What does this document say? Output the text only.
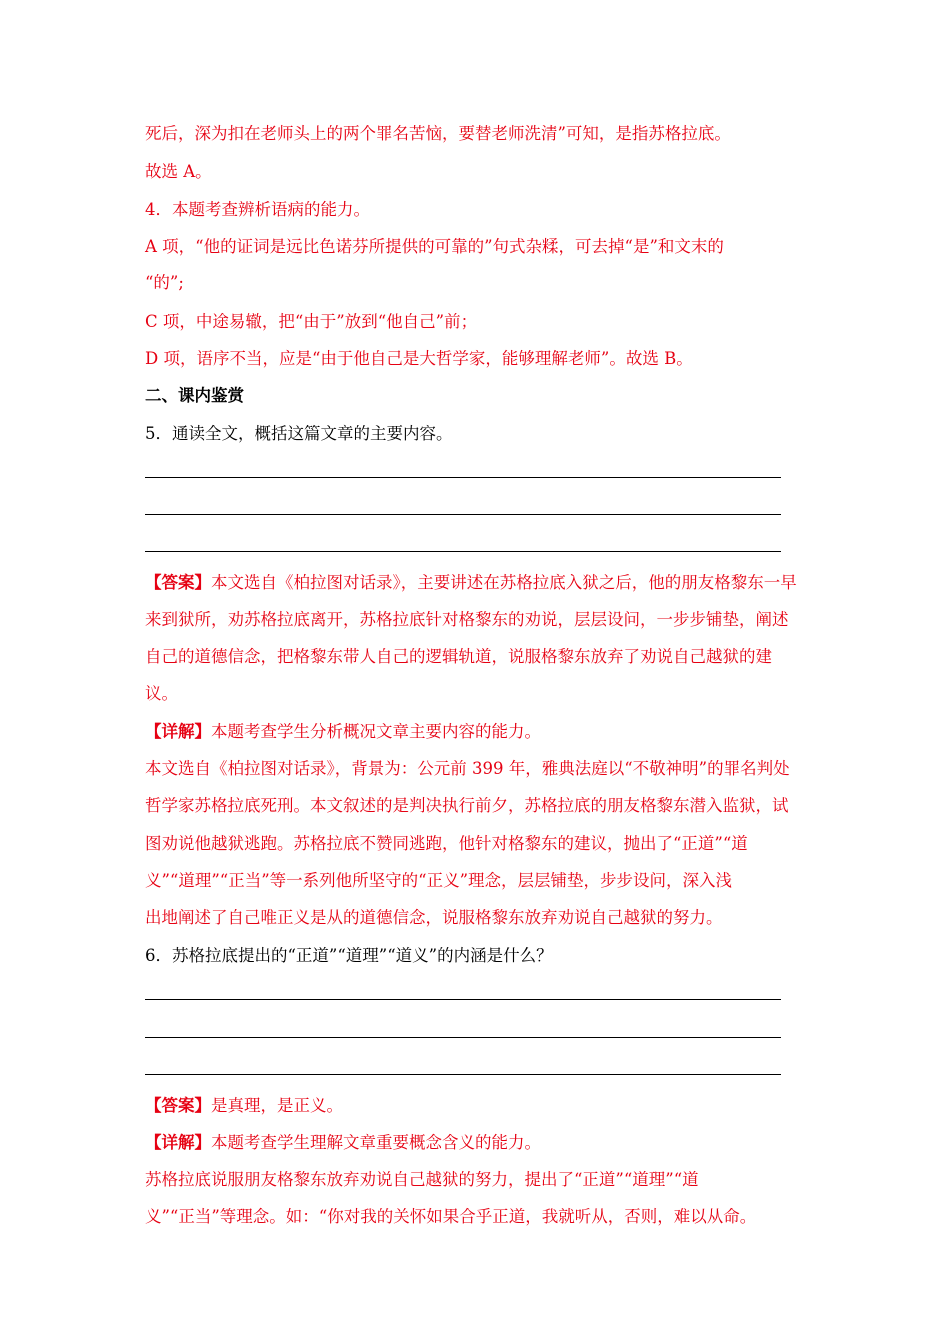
死后，深为扣在老师头上的两个罪名苦恼，要替老师洗清”可知，是指苏格拉底。
故选 A。
4．本题考查辨析语病的能力。
A 项，“他的证词是远比色诺芬所提供的可靠的”句式杂糅，可去掉“是”和文末的
“的”;
C 项，中途易辙，把“由于”放到“他自己”前；
D 项，语序不当，应是“由于他自己是大哲学家，能够理解老师”。故选 B。
二、课内鉴赏
5．通读全文，概括这篇文章的主要内容。
【答案】本文选自《柏拉图对话录》，主要讲述在苏格拉底入狱之后，他的朋友格黎东一早
来到狱所，劝苏格拉底离开，苏格拉底针对格黎东的劝说，层层设问，一步步铺垫，阐述
自己的道德信念，把格黎东带人自己的逻辑轨道，说服格黎东放弃了劝说自己越狱的建
议。
【详解】本题考查学生分析概况文章主要内容的能力。
本文选自《柏拉图对话录》，背景为：公元前 399 年，雅典法庭以“不敬神明”的罪名判处
哲学家苏格拉底死刑。本文叙述的是判决执行前夕，苏格拉底的朋友格黎东潜入监狱，试
图劝说他越狱逃跑。苏格拉底不赞同逃跑，他针对格黎东的建议，抛出了“正道”“道
义”“道理”“正当”等一系列他所坚守的“正义”理念，层层铺垫，步步设问，深入浅
出地阐述了自己唯正义是从的道德信念，说服格黎东放弃劝说自己越狱的努力。
6．苏格拉底提出的“正道”“道理”“道义”的内涵是什么？
【答案】是真理，是正义。
【详解】本题考查学生理解文章重要概念含义的能力。
苏格拉底说服朋友格黎东放弃劝说自己越狱的努力，提出了“正道”“道理”“道
义”“正当”等理念。如：“你对我的关怀如果合乎正道，我就听从，否则，难以从命。
